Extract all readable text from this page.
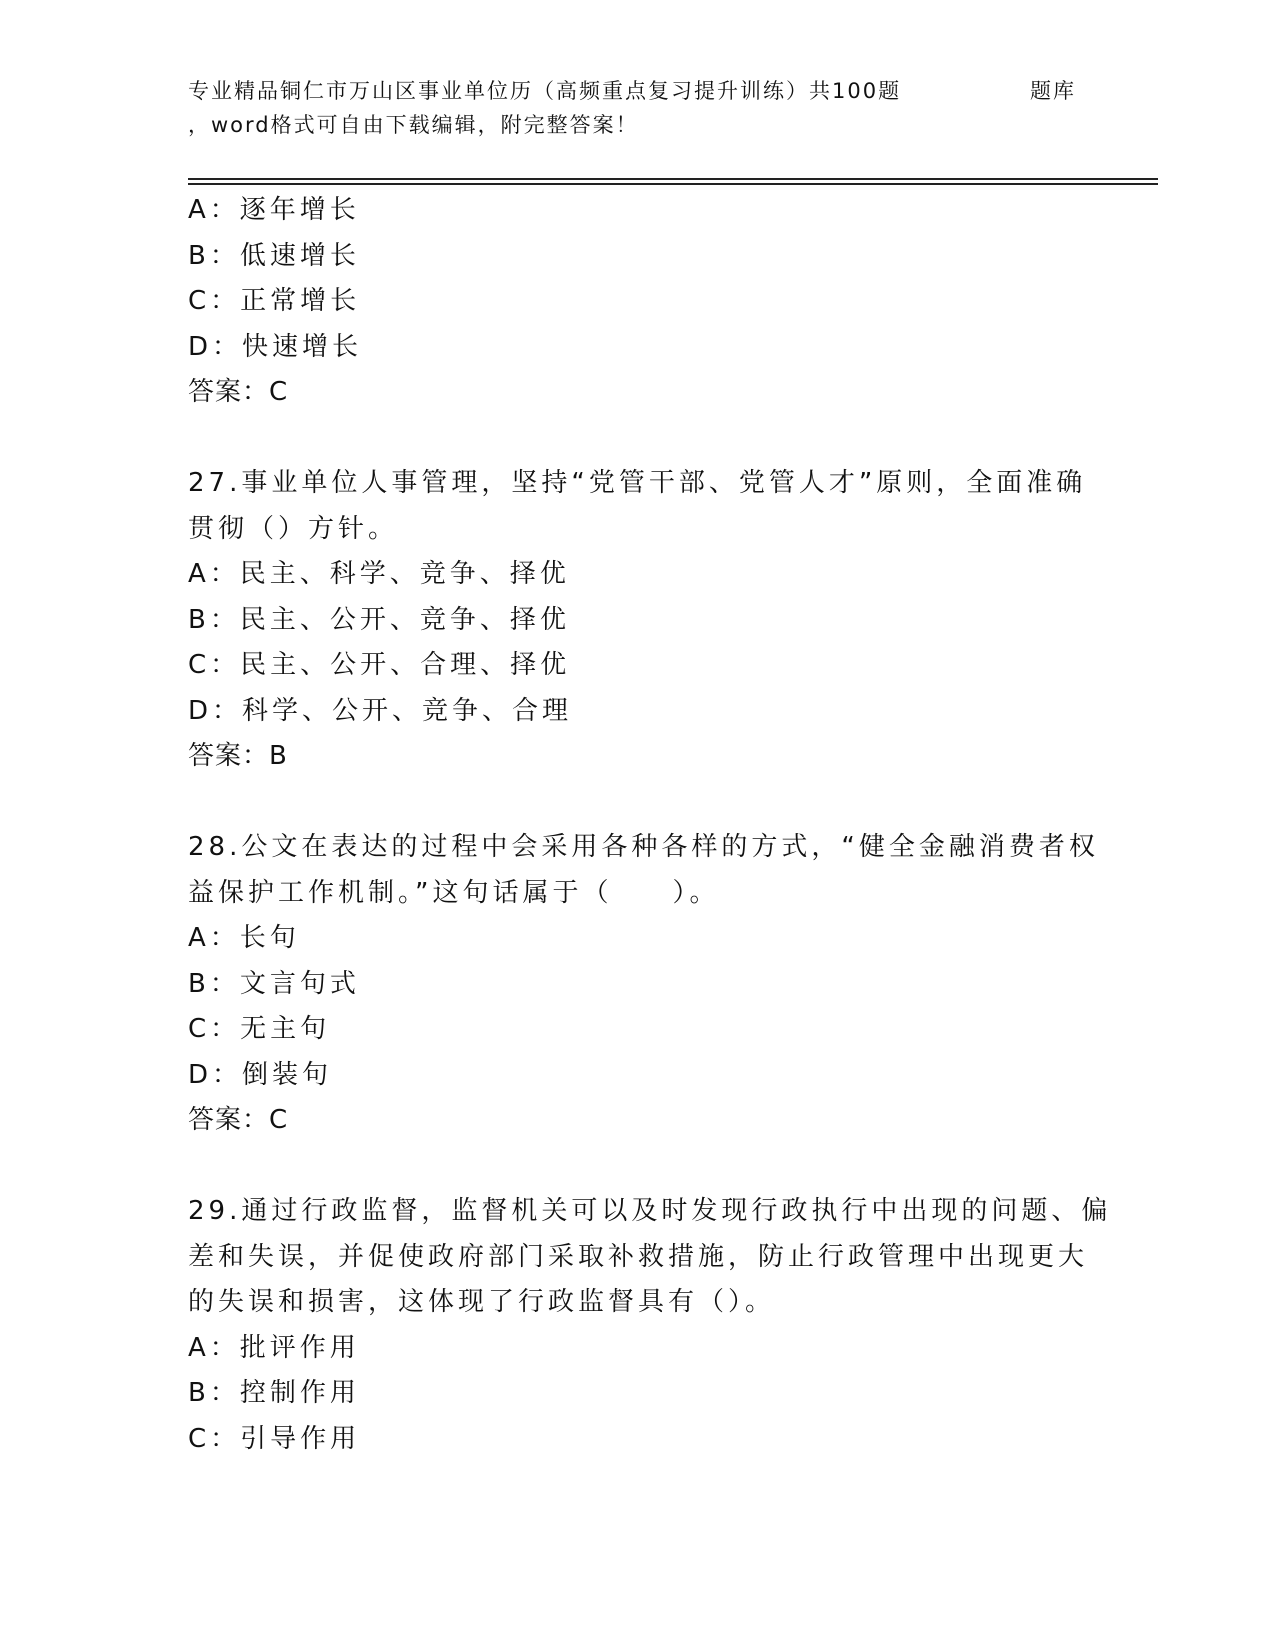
专业精品铜仁市万山区事业单位历（高频重点复习提升训练）共100题	题库
，word格式可自由下载编辑，附完整答案！
A：逐年增长
B：低速增长
C：正常增长
D：快速增长
答案：C
27.事业单位人事管理，坚持“党管干部、党管人才”原则，全面准确
贯彻（）方针。
A：民主、科学、竞争、择优
B：民主、公开、竞争、择优
C：民主、公开、合理、择优
D：科学、公开、竞争、合理
答案：B
28.公文在表达的过程中会采用各种各样的方式，“健全金融消费者权
益保护工作机制。”这句话属于（　　）。
A：长句
B：文言句式
C：无主句
D：倒装句
答案：C
29.通过行政监督，监督机关可以及时发现行政执行中出现的问题、偏
差和失误，并促使政府部门采取补救措施，防止行政管理中出现更大
的失误和损害，这体现了行政监督具有（）。
A：批评作用
B：控制作用
C：引导作用
